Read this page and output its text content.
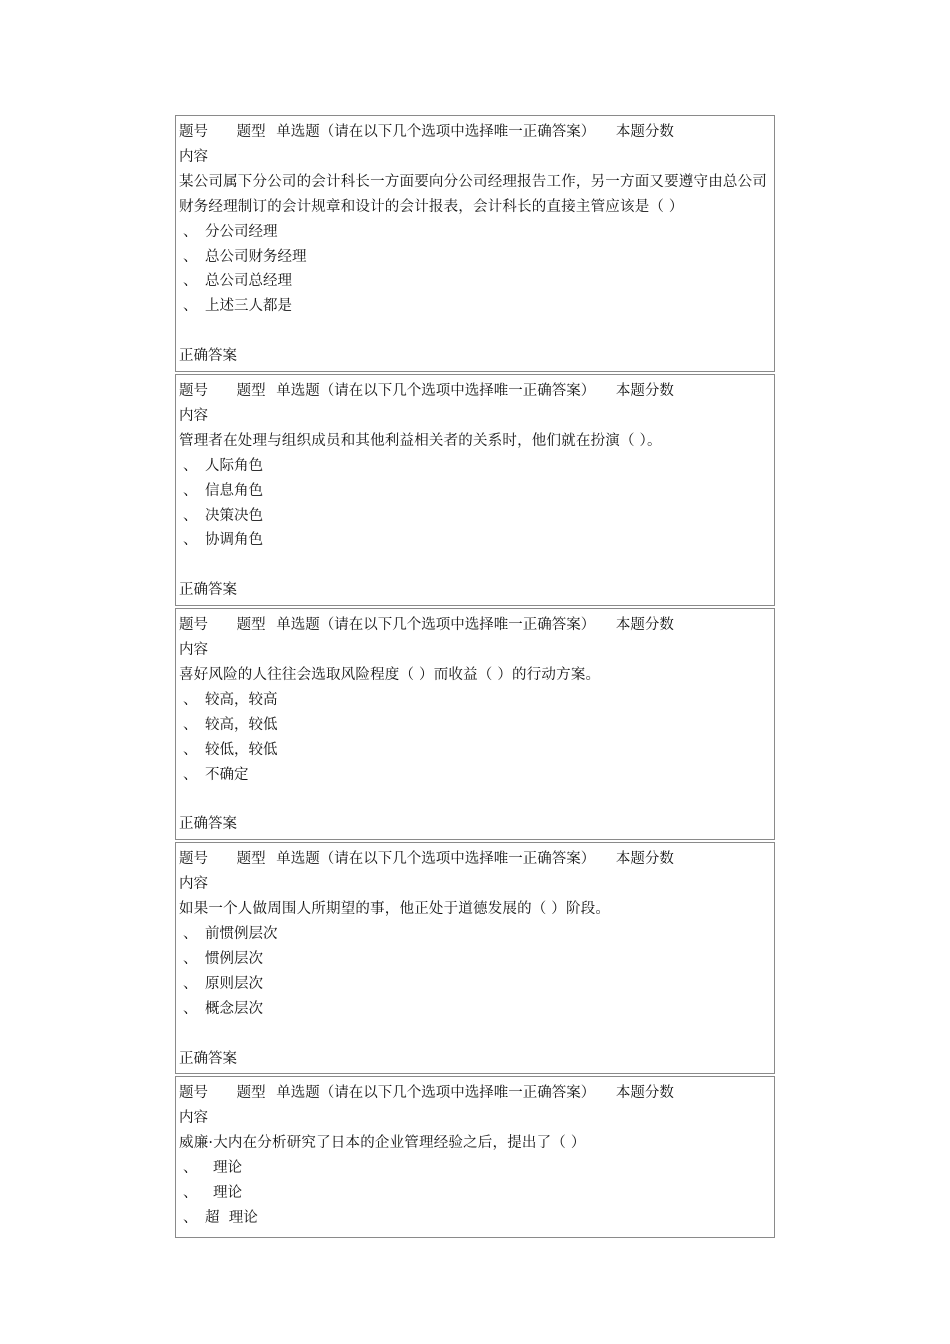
题号 题型 单选题（请在以下几个选项中选择唯一正确答案） 本题分数
内容
某公司属下分公司的会计科长一方面要向分公司经理报告工作，另一方面又要遵守由总公司财务经理制订的会计规章和设计的会计报表，会计科长的直接主管应该是（ ）
、 分公司经理
、 总公司财务经理
、 总公司总经理
、 上述三人都是
正确答案
题号 题型 单选题（请在以下几个选项中选择唯一正确答案） 本题分数
内容
管理者在处理与组织成员和其他利益相关者的关系时，他们就在扮演（ ）。
、 人际角色
、 信息角色
、 决策决色
、 协调角色
正确答案
题号 题型 单选题（请在以下几个选项中选择唯一正确答案） 本题分数
内容
喜好风险的人往往会选取风险程度（ ）而收益（ ）的行动方案。
、 较高，较高
、 较高，较低
、 较低，较低
、 不确定
正确答案
题号 题型 单选题（请在以下几个选项中选择唯一正确答案） 本题分数
内容
如果一个人做周围人所期望的事，他正处于道德发展的（ ）阶段。
、 前惯例层次
、 惯例层次
、 原则层次
、 概念层次
正确答案
题号 题型 单选题（请在以下几个选项中选择唯一正确答案） 本题分数
内容
威廉·大内在分析研究了日本的企业管理经验之后，提出了（ ）
、 理论
、 理论
、 超  理论
